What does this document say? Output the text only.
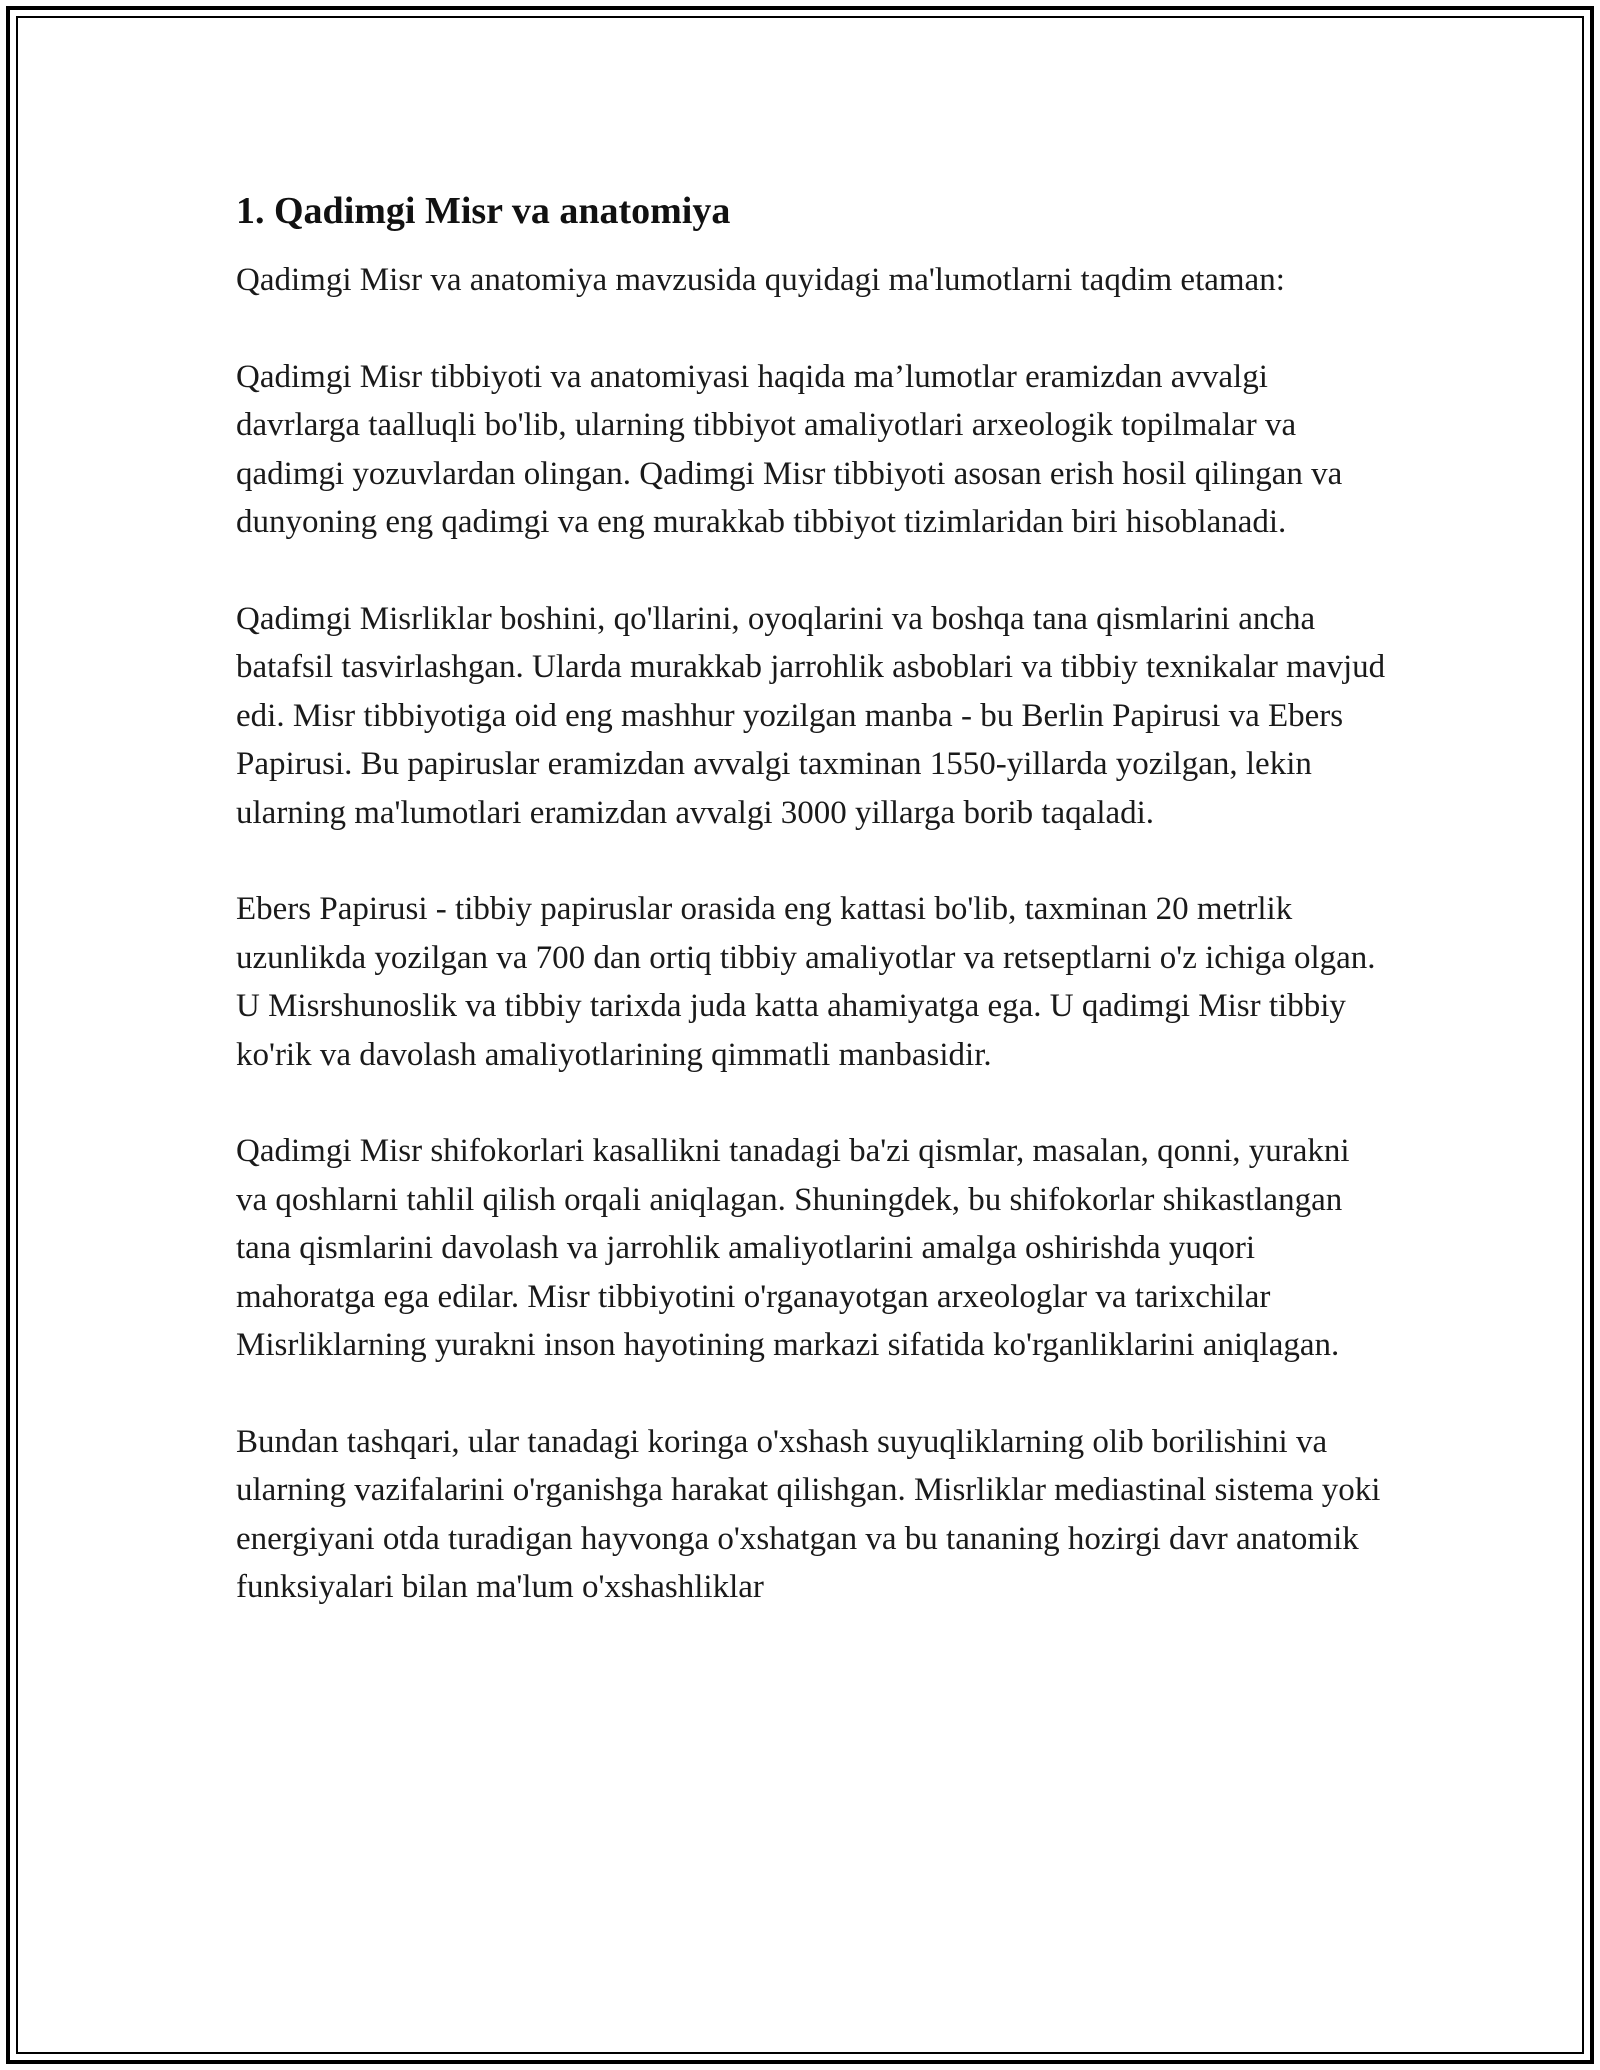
1. Qadimgi Misr va anatomiya

Qadimgi Misr va anatomiya mavzusida quyidagi ma'lumotlarni taqdim etaman:

Qadimgi Misr tibbiyoti va anatomiyasi haqida ma’lumotlar eramizdan avvalgi davrlarga taalluqli bo'lib, ularning tibbiyot amaliyotlari arxeologik topilmalar va qadimgi yozuvlardan olingan. Qadimgi Misr tibbiyoti asosan erish hosil qilingan va dunyoning eng qadimgi va eng murakkab tibbiyot tizimlaridan biri hisoblanadi.

Qadimgi Misrliklar boshini, qo'llarini, oyoqlarini va boshqa tana qismlarini ancha batafsil tasvirlashgan. Ularda murakkab jarrohlik asboblari va tibbiy texnikalar mavjud edi. Misr tibbiyotiga oid eng mashhur yozilgan manba - bu Berlin Papirusi va Ebers Papirusi. Bu papiruslar eramizdan avvalgi taxminan 1550-yillarda yozilgan, lekin ularning ma'lumotlari eramizdan avvalgi 3000 yillarga borib taqaladi.

Ebers Papirusi - tibbiy papiruslar orasida eng kattasi bo'lib, taxminan 20 metrlik uzunlikda yozilgan va 700 dan ortiq tibbiy amaliyotlar va retseptlarni o'z ichiga olgan. U Misrshunoslik va tibbiy tarixda juda katta ahamiyatga ega. U qadimgi Misr tibbiy ko'rik va davolash amaliyotlarining qimmatli manbasidir.

Qadimgi Misr shifokorlari kasallikni tanadagi ba'zi qismlar, masalan, qonni, yurakni va qoshlarni tahlil qilish orqali aniqlagan. Shuningdek, bu shifokorlar shikastlangan tana qismlarini davolash va jarrohlik amaliyotlarini amalga oshirishda yuqori mahoratga ega edilar. Misr tibbiyotini o'rganayotgan arxeologlar va tarixchilar Misrliklarning yurakni inson hayotining markazi sifatida ko'rganliklarini aniqlagan.

Bundan tashqari, ular tanadagi koringa o'xshash suyuqliklarning olib borilishini va ularning vazifalarini o'rganishga harakat qilishgan. Misrliklar mediastinal sistema yoki energiyani otda turadigan hayvonga o'xshatgan va bu tananing hozirgi davr anatomik funksiyalari bilan ma'lum o'xshashliklar
